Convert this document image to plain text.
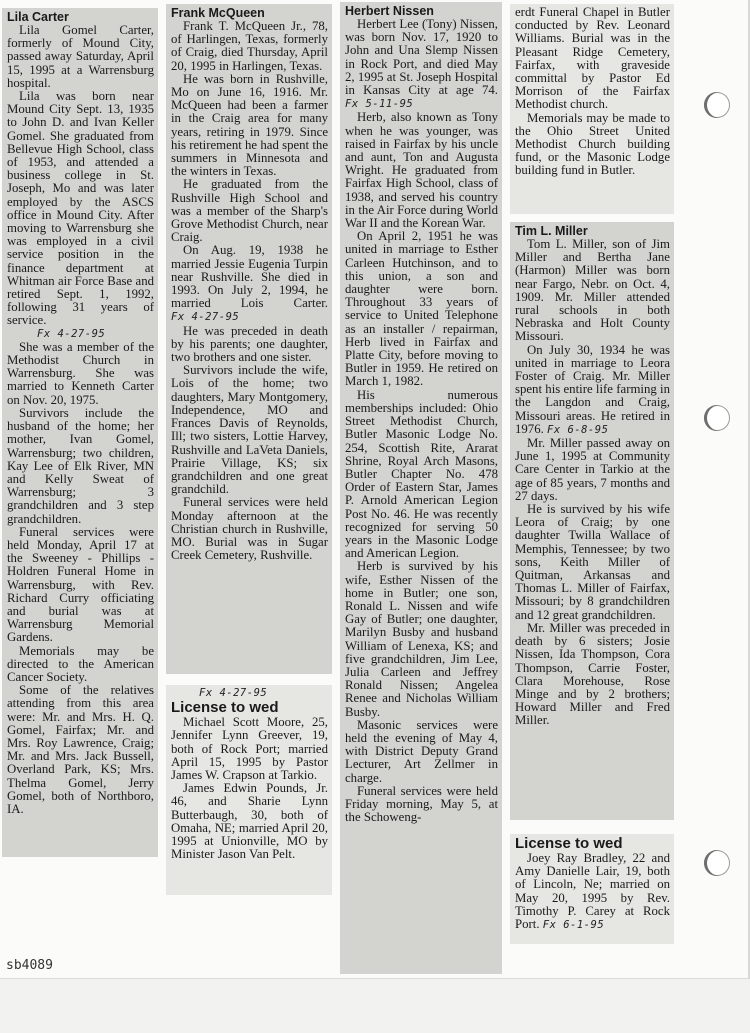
Lila Carter

Lila Gomel Carter, formerly of Mound City, passed away Saturday, April 15, 1995 at a Warrensburg hospital.

Lila was born near Mound City Sept. 13, 1935 to John D. and Ivan Keller Gomel. She graduated from Bellevue High School, class of 1953, and attended a business college in St. Joseph, Mo and was later employed by the ASCS office in Mound City. After moving to Warrensburg she was employed in a civil service position in the finance department at Whitman air Force Base and retired Sept. 1, 1992, following 31 years of service.

Fx 4-27-95

She was a member of the Methodist Church in Warrensburg. She was married to Kenneth Carter on Nov. 20, 1975.

Survivors include the husband of the home; her mother, Ivan Gomel, Warrensburg; two children, Kay Lee of Elk River, MN and Kelly Sweat of Warrensburg; 3 grandchildren and 3 step grandchildren.

Funeral services were held Monday, April 17 at the Sweeney - Phillips - Holdren Funeral Home in Warrensburg, with Rev. Richard Curry officiating and burial was at Warrensburg Memorial Gardens.

Memorials may be directed to the American Cancer Society.

Some of the relatives attending from this area were: Mr. and Mrs. H. Q. Gomel, Fairfax; Mr. and Mrs. Roy Lawrence, Craig; Mr. and Mrs. Jack Bussell, Overland Park, KS; Mrs. Thelma Gomel, Jerry Gomel, both of Northboro, IA.

Frank McQueen

Frank T. McQueen Jr., 78, of Harlingen, Texas, formerly of Craig, died Thursday, April 20, 1995 in Harlingen, Texas.

He was born in Rushville, Mo on June 16, 1916. Mr. McQueen had been a farmer in the Craig area for many years, retiring in 1979. Since his retirement he had spent the summers in Minnesota and the winters in Texas.

He graduated from the Rushville High School and was a member of the Sharp's Grove Methodist Church, near Craig.

On Aug. 19, 1938 he married Jessie Eugenia Turpin near Rushville. She died in 1993. On July 2, 1994, he married Lois Carter. Fx 4-27-95

He was preceded in death by his parents; one daughter, two brothers and one sister.

Survivors include the wife, Lois of the home; two daughters, Mary Montgomery, Independence, MO and Frances Davis of Reynolds, Ill; two sisters, Lottie Harvey, Rushville and LaVeta Daniels, Prairie Village, KS; six grandchildren and one great grandchild.

Funeral services were held Monday afternoon at the Christian church in Rushville, MO. Burial was in Sugar Creek Cemetery, Rushville.

Fx 4-27-95
License to wed

Michael Scott Moore, 25, Jennifer Lynn Greever, 19, both of Rock Port; married April 15, 1995 by Pastor James W. Crapson at Tarkio.

James Edwin Pounds, Jr. 46, and Sharie Lynn Butterbaugh, 30, both of Omaha, NE; married April 20, 1995 at Unionville, MO by Minister Jason Van Pelt.

Herbert Nissen

Herbert Lee (Tony) Nissen, was born Nov. 17, 1920 to John and Una Slemp Nissen in Rock Port, and died May 2, 1995 at St. Joseph Hospital in Kansas City at age 74. Fx 5-11-95

Herb, also known as Tony when he was younger, was raised in Fairfax by his uncle and aunt, Ton and Augusta Wright. He graduated from Fairfax High School, class of 1938, and served his country in the Air Force during World War II and the Korean War.

On April 2, 1951 he was united in marriage to Esther Carleen Hutchinson, and to this union, a son and daughter were born. Throughout 33 years of service to United Telephone as an installer / repairman, Herb lived in Fairfax and Platte City, before moving to Butler in 1959. He retired on March 1, 1982.

His numerous memberships included: Ohio Street Methodist Church, Butler Masonic Lodge No. 254, Scottish Rite, Ararat Shrine, Royal Arch Masons, Butler Chapter No. 478 Order of Eastern Star, James P. Arnold American Legion Post No. 46. He was recently recognized for serving 50 years in the Masonic Lodge and American Legion.

Herb is survived by his wife, Esther Nissen of the home in Butler; one son, Ronald L. Nissen and wife Gay of Butler; one daughter, Marilyn Busby and husband William of Lenexa, KS; and five grandchildren, Jim Lee, Julia Carleen and Jeffrey Ronald Nissen; Angelea Renee and Nicholas William Busby.

Masonic services were held the evening of May 4, with District Deputy Grand Lecturer, Art Zellmer in charge.

Funeral services were held Friday morning, May 5, at the Schoweng-

erdt Funeral Chapel in Butler conducted by Rev. Leonard Williams. Burial was in the Pleasant Ridge Cemetery, Fairfax, with graveside committal by Pastor Ed Morrison of the Fairfax Methodist church.

Memorials may be made to the Ohio Street United Methodist Church building fund, or the Masonic Lodge building fund in Butler.

Tim L. Miller

Tom L. Miller, son of Jim Miller and Bertha Jane (Harmon) Miller was born near Fargo, Nebr. on Oct. 4, 1909. Mr. Miller attended rural schools in both Nebraska and Holt County Missouri.

On July 30, 1934 he was united in marriage to Leora Foster of Craig. Mr. Miller spent his entire life farming in the Langdon and Craig, Missouri areas. He retired in 1976. Fx 6-8-95

Mr. Miller passed away on June 1, 1995 at Community Care Center in Tarkio at the age of 85 years, 7 months and 27 days.

He is survived by his wife Leora of Craig; by one daughter Twilla Wallace of Memphis, Tennessee; by two sons, Keith Miller of Quitman, Arkansas and Thomas L. Miller of Fairfax, Missouri; by 8 grandchildren and 12 great grandchildren.

Mr. Miller was preceded in death by 6 sisters; Josie Nissen, Ida Thompson, Cora Thompson, Carrie Foster, Clara Morehouse, Rose Minge and by 2 brothers; Howard Miller and Fred Miller.

License to wed

Joey Ray Bradley, 22 and Amy Danielle Lair, 19, both of Lincoln, Ne; married on May 20, 1995 by Rev. Timothy P. Carey at Rock Port. Fx 6-1-95

sb4089
